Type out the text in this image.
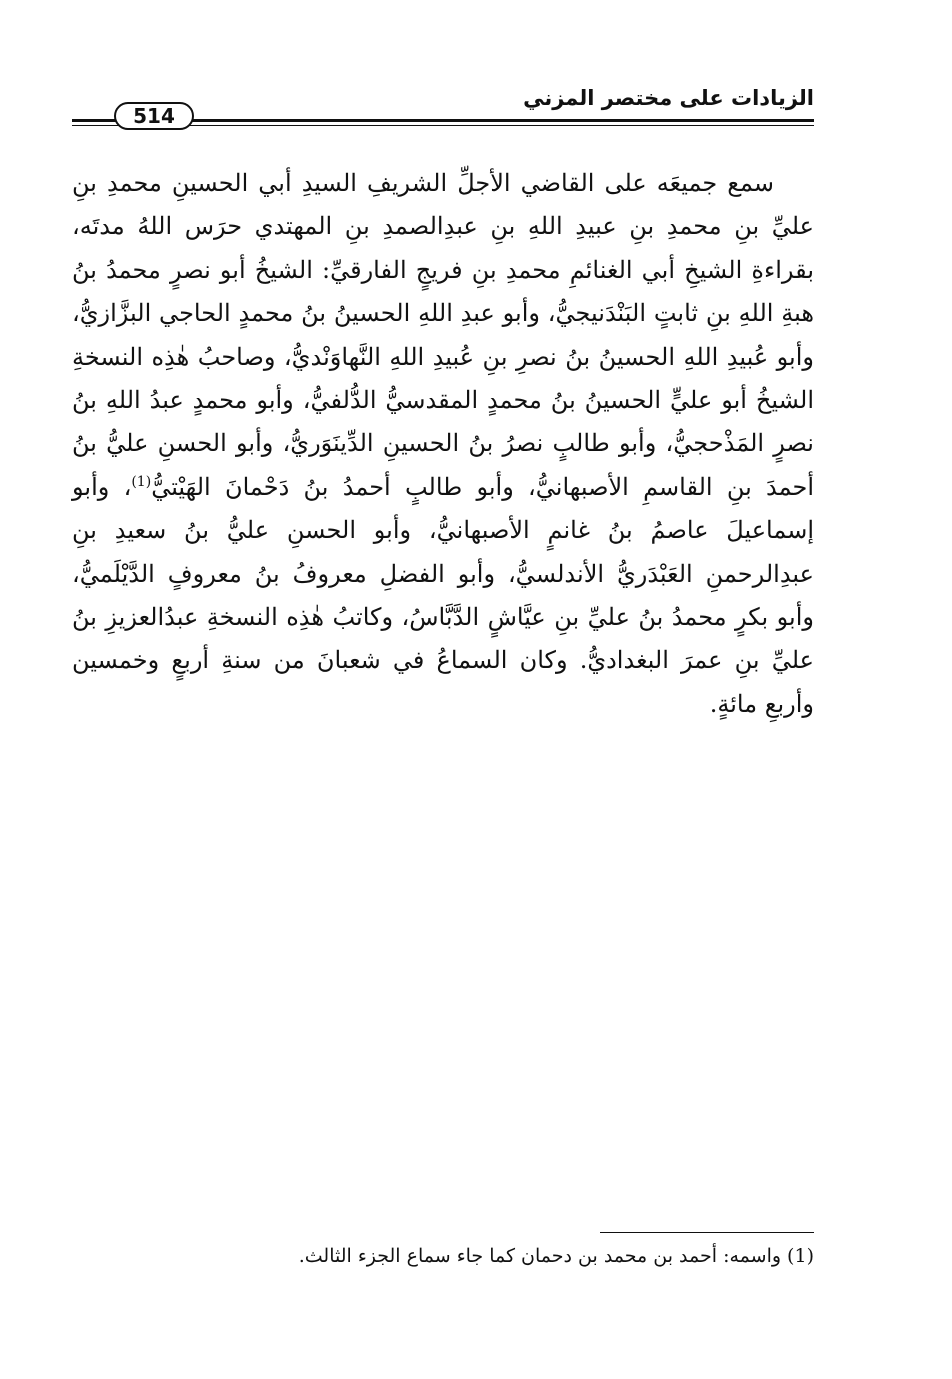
الزيادات على مختصر المزني
514

سمع جميعَه على القاضي الأجلِّ الشريفِ السيدِ أبي الحسينِ محمدِ بنِ عليِّ بنِ محمدِ بنِ عبيدِ اللهِ بنِ عبدِالصمدِ بنِ المهتدي حرَس اللهُ مدتَه، بقراءةِ الشيخِ أبي الغنائمِ محمدِ بنِ فريجٍ الفارقيِّ: الشيخُ أبو نصرٍ محمدُ بنُ هبةِ اللهِ بنِ ثابتٍ البَنْدَنيجيُّ، وأبو عبدِ اللهِ الحسينُ بنُ محمدٍ الحاجي البزَّازيُّ، وأبو عُبيدِ اللهِ الحسينُ بنُ نصرِ بنِ عُبيدِ اللهِ النَّهاوَنْديُّ، وصاحبُ هٰذِه النسخةِ الشيخُ أبو عليٍّ الحسينُ بنُ محمدٍ المقدسيُّ الدُّلفيُّ، وأبو محمدٍ عبدُ اللهِ بنُ نصرٍ المَذْحجيُّ، وأبو طالبٍ نصرُ بنُ الحسينِ الدِّينَوَريُّ، وأبو الحسنِ عليُّ بنُ أحمدَ بنِ القاسمِ الأصبهانيُّ، وأبو طالبٍ أحمدُ بنُ دَحْمانَ الهَيْتيُّ$^{(1)}$، وأبو إسماعيلَ عاصمُ بنُ غانمٍ الأصبهانيُّ، وأبو الحسنِ عليُّ بنُ سعيدِ بنِ عبدِالرحمنِ العَبْدَريُّ الأندلسيُّ، وأبو الفضلِ معروفُ بنُ معروفٍ الدَّيْلَميُّ، وأبو بكرٍ محمدُ بنُ عليِّ بنِ عيَّاشٍ الدَّبَّاسُ، وكاتبُ هٰذِه النسخةِ عبدُالعزيزِ بنُ عليِّ بنِ عمرَ البغداديُّ. وكان السماعُ في شعبانَ من سنةِ أربعٍ وخمسين وأربعِ مائةٍ.

(1) واسمه: أحمد بن محمد بن دحمان كما جاء سماع الجزء الثالث.
